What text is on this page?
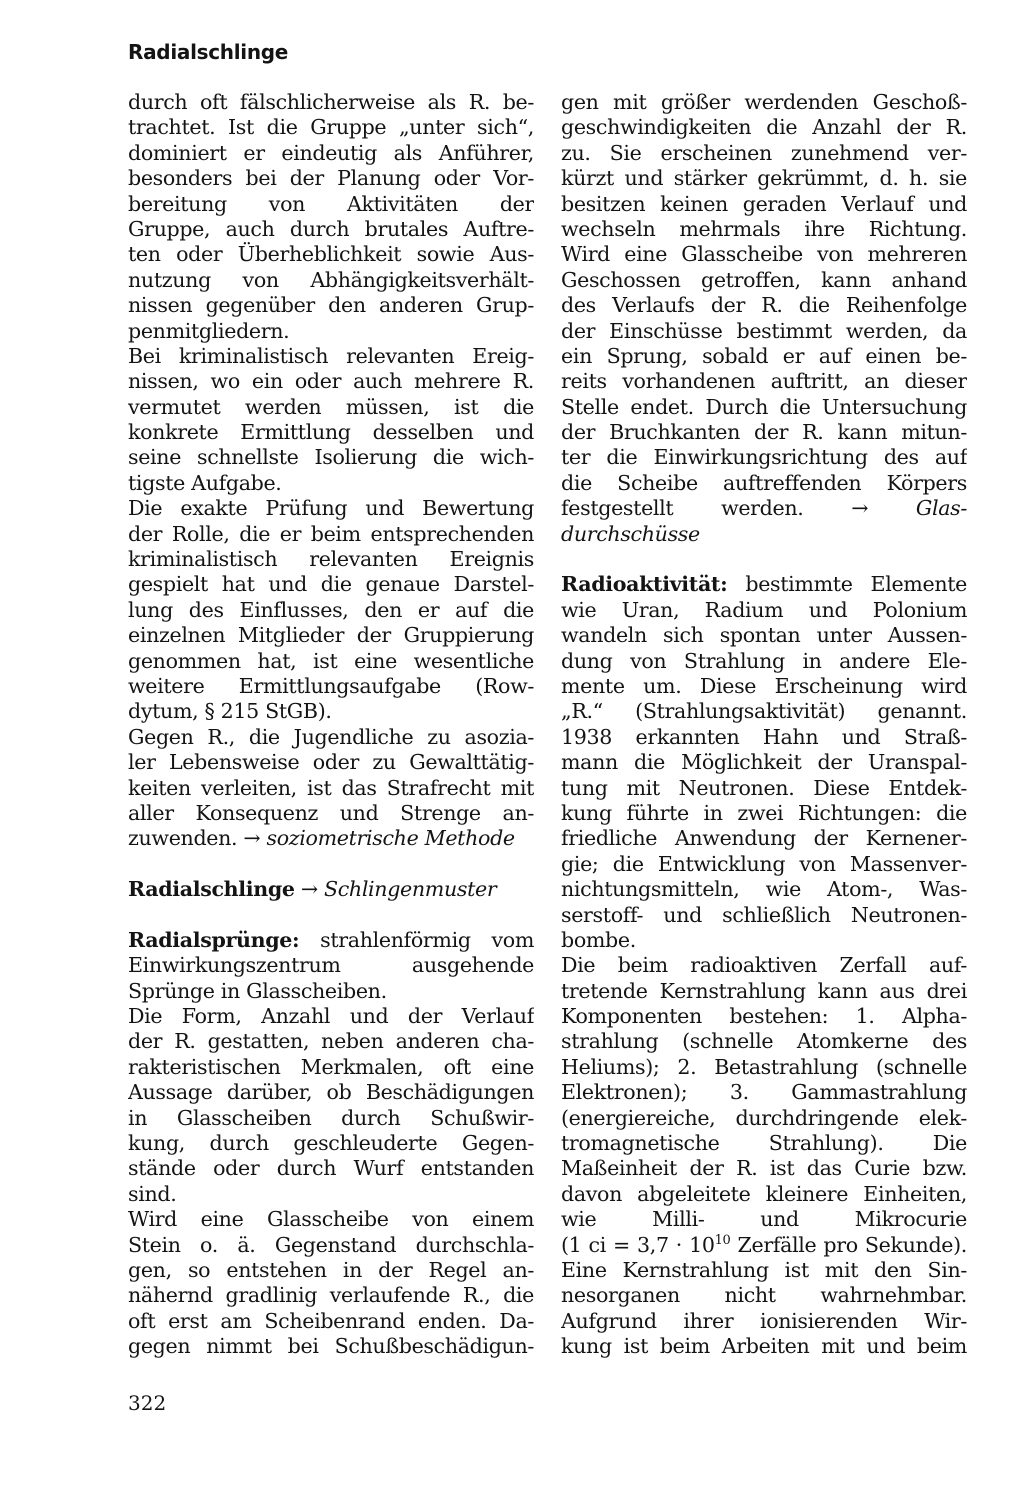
Radialschlinge

durch oft fälschlicherweise als R. be-
trachtet. Ist die Gruppe „unter sich“,
dominiert er eindeutig als Anführer,
besonders bei der Planung oder Vor-
bereitung von Aktivitäten der
Gruppe, auch durch brutales Auftre-
ten oder Überheblichkeit sowie Aus-
nutzung von Abhängigkeitsverhält-
nissen gegenüber den anderen Grup-
penmitgliedern.

Bei kriminalistisch relevanten Ereig-
nissen, wo ein oder auch mehrere R.
vermutet werden müssen, ist die
konkrete Ermittlung desselben und
seine schnellste Isolierung die wich-
tigste Aufgabe.

Die exakte Prüfung und Bewertung
der Rolle, die er beim entsprechenden
kriminalistisch relevanten Ereignis
gespielt hat und die genaue Darstel-
lung des Einflusses, den er auf die
einzelnen Mitglieder der Gruppierung
genommen hat, ist eine wesentliche
weitere Ermittlungsaufgabe (Row-
dytum, § 215 StGB).

Gegen R., die Jugendliche zu asozia-
ler Lebensweise oder zu Gewalttätig-
keiten verleiten, ist das Strafrecht mit
aller Konsequenz und Strenge an-
zuwenden. → soziometrische Methode

Radialschlinge → Schlingenmuster

Radialsprünge: strahlenförmig vom
Einwirkungszentrum ausgehende
Sprünge in Glasscheiben.

Die Form, Anzahl und der Verlauf
der R. gestatten, neben anderen cha-
rakteristischen Merkmalen, oft eine
Aussage darüber, ob Beschädigungen
in Glasscheiben durch Schußwir-
kung, durch geschleuderte Gegen-
stände oder durch Wurf entstanden
sind.

Wird eine Glasscheibe von einem
Stein o. ä. Gegenstand durchschla-
gen, so entstehen in der Regel an-
nähernd gradlinig verlaufende R., die
oft erst am Scheibenrand enden. Da-
gegen nimmt bei Schußbeschädigun-

gen mit größer werdenden Geschoß-
geschwindigkeiten die Anzahl der R.
zu. Sie erscheinen zunehmend ver-
kürzt und stärker gekrümmt, d. h. sie
besitzen keinen geraden Verlauf und
wechseln mehrmals ihre Richtung.
Wird eine Glasscheibe von mehreren
Geschossen getroffen, kann anhand
des Verlaufs der R. die Reihenfolge
der Einschüsse bestimmt werden, da
ein Sprung, sobald er auf einen be-
reits vorhandenen auftritt, an dieser
Stelle endet. Durch die Untersuchung
der Bruchkanten der R. kann mitun-
ter die Einwirkungsrichtung des auf
die Scheibe auftreffenden Körpers
festgestellt werden. → Glas-
durchschüsse

Radioaktivität: bestimmte Elemente
wie Uran, Radium und Polonium
wandeln sich spontan unter Aussen-
dung von Strahlung in andere Ele-
mente um. Diese Erscheinung wird
„R.“ (Strahlungsaktivität) genannt.
1938 erkannten Hahn und Straß-
mann die Möglichkeit der Uranspal-
tung mit Neutronen. Diese Entdek-
kung führte in zwei Richtungen: die
friedliche Anwendung der Kernener-
gie; die Entwicklung von Massenver-
nichtungsmitteln, wie Atom-, Was-
serstoff- und schließlich Neutronen-
bombe.

Die beim radioaktiven Zerfall auf-
tretende Kernstrahlung kann aus drei
Komponenten bestehen: 1. Alpha-
strahlung (schnelle Atomkerne des
Heliums); 2. Betastrahlung (schnelle
Elektronen); 3. Gammastrahlung
(energiereiche, durchdringende elek-
tromagnetische Strahlung). Die
Maßeinheit der R. ist das Curie bzw.
davon abgeleitete kleinere Einheiten,
wie Milli- und Mikrocurie
(1 ci = $3,7 \cdot 10^{10}$ Zerfälle pro Sekunde).

Eine Kernstrahlung ist mit den Sin-
nesorganen nicht wahrnehmbar.
Aufgrund ihrer ionisierenden Wir-
kung ist beim Arbeiten mit und beim

322
